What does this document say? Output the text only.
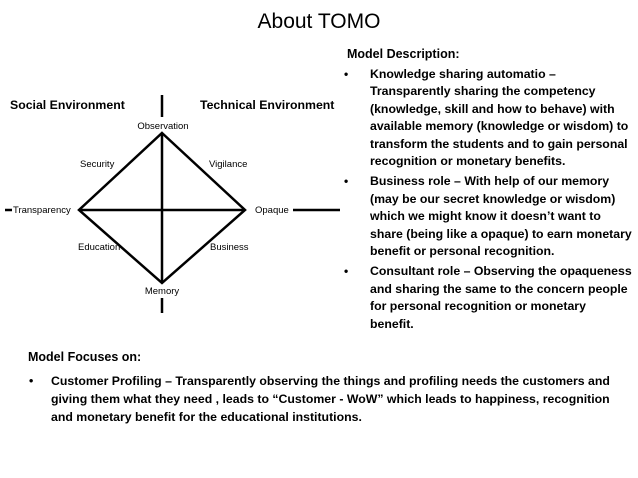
About TOMO
Social Environment	Technical Environment
Observation
Memory
Transparency	Opaque
Security	Vigilance
Education	Business
Model Description:
• Knowledge sharing automatio – Transparently sharing the competency (knowledge, skill and how to behave) with available memory (knowledge or wisdom) to transform the students and to gain personal recognition or monetary benefits.
• Business role – With help of our memory (may be our secret knowledge or wisdom) which we might know it doesn’t want to share (being like a opaque) to earn monetary benefit or personal recognition.
• Consultant role – Observing the opaqueness and sharing the same to the concern people for personal recognition or monetary benefit.
Model Focuses on:
• Customer Profiling – Transparently observing the things and profiling needs the customers and giving them what they need , leads to “Customer - WoW” which leads to happiness, recognition and monetary benefit for the educational institutions.
